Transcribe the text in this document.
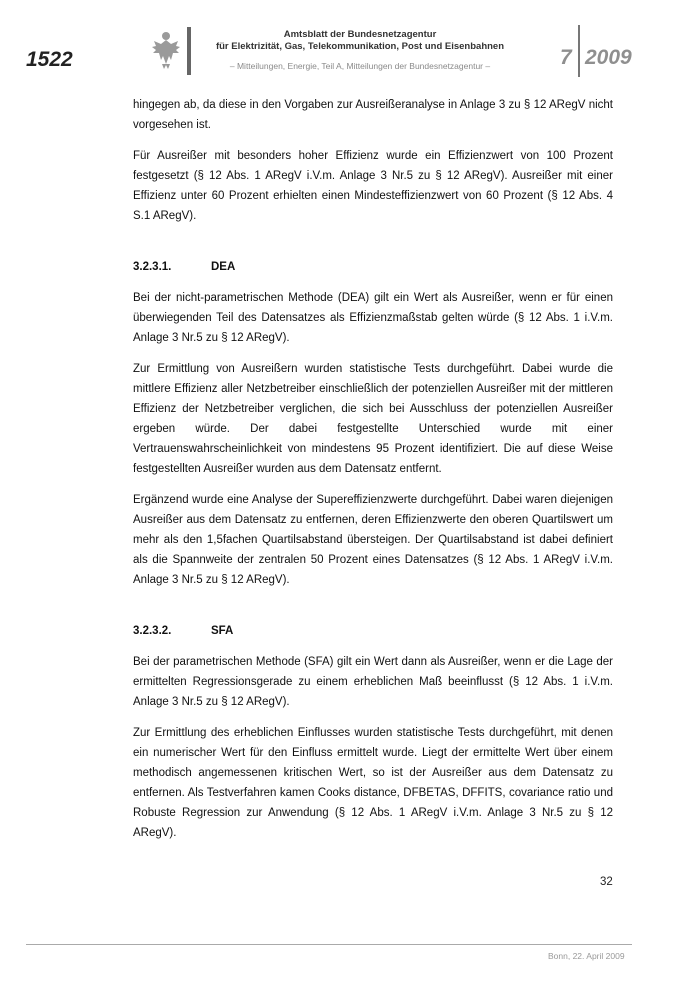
1522
Amtsblatt der Bundesnetzagentur
für Elektrizität, Gas, Telekommunikation, Post und Eisenbahnen
– Mitteilungen, Energie, Teil A, Mitteilungen der Bundesnetzagentur –	7 2009

hingegen ab, da diese in den Vorgaben zur Ausreißeranalyse in Anlage 3 zu § 12 ARegV nicht vorgesehen ist.

Für Ausreißer mit besonders hoher Effizienz wurde ein Effizienzwert von 100 Prozent festgesetzt (§ 12 Abs. 1 ARegV i.V.m. Anlage 3 Nr.5 zu § 12 ARegV). Ausreißer mit einer Effizienz unter 60 Prozent erhielten einen Mindesteffizienzwert von 60 Prozent (§ 12 Abs. 4 S.1 ARegV).

3.2.3.1.	DEA

Bei der nicht-parametrischen Methode (DEA) gilt ein Wert als Ausreißer, wenn er für einen überwiegenden Teil des Datensatzes als Effizienzmaßstab gelten würde (§ 12 Abs. 1 i.V.m. Anlage 3 Nr.5 zu § 12 ARegV).

Zur Ermittlung von Ausreißern wurden statistische Tests durchgeführt. Dabei wurde die mittlere Effizienz aller Netzbetreiber einschließlich der potenziellen Ausreißer mit der mittleren Effizienz der Netzbetreiber verglichen, die sich bei Ausschluss der potenziellen Ausreißer ergeben würde. Der dabei festgestellte Unterschied wurde mit einer Vertrauenswahrscheinlichkeit von mindestens 95 Prozent identifiziert. Die auf diese Weise festgestellten Ausreißer wurden aus dem Datensatz entfernt.

Ergänzend wurde eine Analyse der Supereffizienzwerte durchgeführt. Dabei waren diejenigen Ausreißer aus dem Datensatz zu entfernen, deren Effizienzwerte den oberen Quartilswert um mehr als den 1,5fachen Quartilsabstand übersteigen. Der Quartilsabstand ist dabei definiert als die Spannweite der zentralen 50 Prozent eines Datensatzes (§ 12 Abs. 1 ARegV i.V.m. Anlage 3 Nr.5 zu § 12 ARegV).

3.2.3.2.	SFA

Bei der parametrischen Methode (SFA) gilt ein Wert dann als Ausreißer, wenn er die Lage der ermittelten Regressionsgerade zu einem erheblichen Maß beeinflusst (§ 12 Abs. 1 i.V.m. Anlage 3 Nr.5 zu § 12 ARegV).

Zur Ermittlung des erheblichen Einflusses wurden statistische Tests durchgeführt, mit denen ein numerischer Wert für den Einfluss ermittelt wurde. Liegt der ermittelte Wert über einem methodisch angemessenen kritischen Wert, so ist der Ausreißer aus dem Datensatz zu entfernen. Als Testverfahren kamen Cooks distance, DFBETAS, DFFITS, covariance ratio und Robuste Regression zur Anwendung (§ 12 Abs. 1 ARegV i.V.m. Anlage 3 Nr.5 zu § 12 ARegV).

32
Bonn, 22. April 2009
